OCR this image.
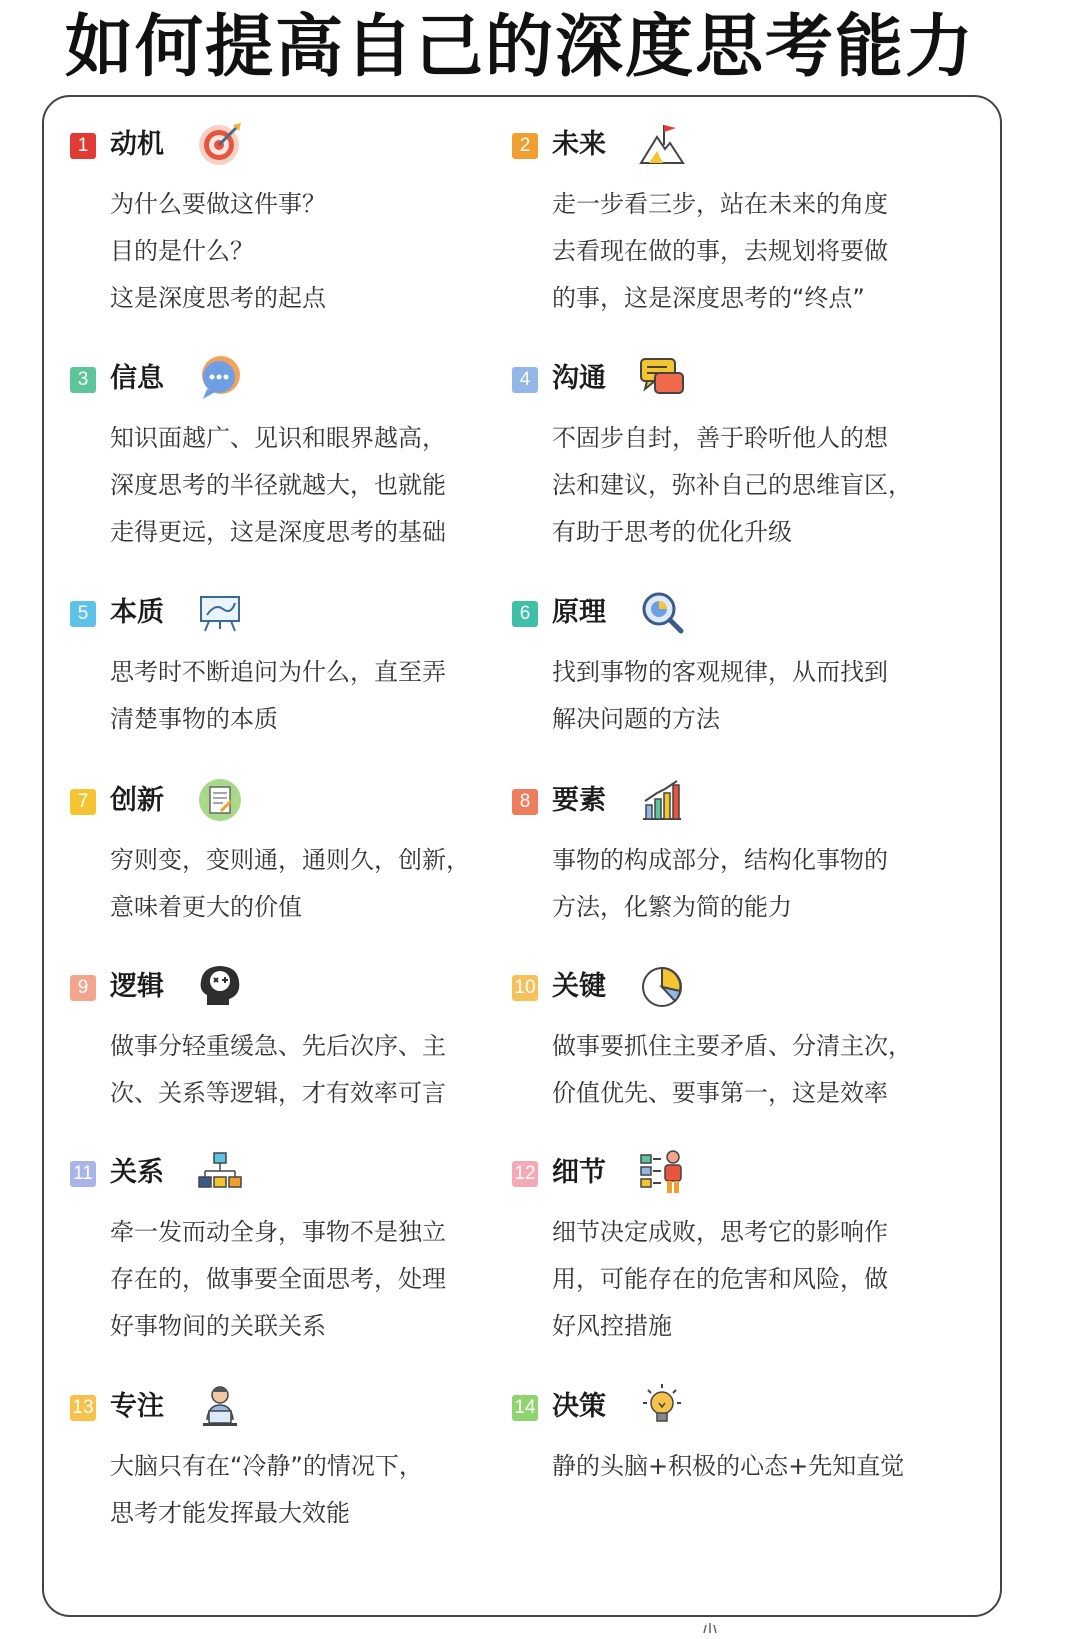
如何提高自己的深度思考能力
1 动机
为什么要做这件事？
目的是什么？
这是深度思考的起点
2 未来
走一步看三步，站在未来的角度
去看现在做的事，去规划将要做
的事，这是深度思考的“终点”
3 信息
知识面越广、见识和眼界越高，
深度思考的半径就越大，也就能
走得更远，这是深度思考的基础
4 沟通
不固步自封，善于聆听他人的想
法和建议，弥补自己的思维盲区，
有助于思考的优化升级
5 本质
思考时不断追问为什么，直至弄
清楚事物的本质
6 原理
找到事物的客观规律，从而找到
解决问题的方法
7 创新
穷则变，变则通，通则久，创新，
意味着更大的价值
8 要素
事物的构成部分，结构化事物的
方法，化繁为简的能力
9 逻辑
做事分轻重缓急、先后次序、主
次、关系等逻辑，才有效率可言
10 关键
做事要抓住主要矛盾、分清主次，
价值优先、要事第一，这是效率
11 关系
牵一发而动全身，事物不是独立
存在的，做事要全面思考，处理
好事物间的关联关系
12 细节
细节决定成败，思考它的影响作
用，可能存在的危害和风险，做
好风控措施
13 专注
大脑只有在“冷静”的情况下，
思考才能发挥最大效能
14 决策
静的头脑+积极的心态+先知直觉
